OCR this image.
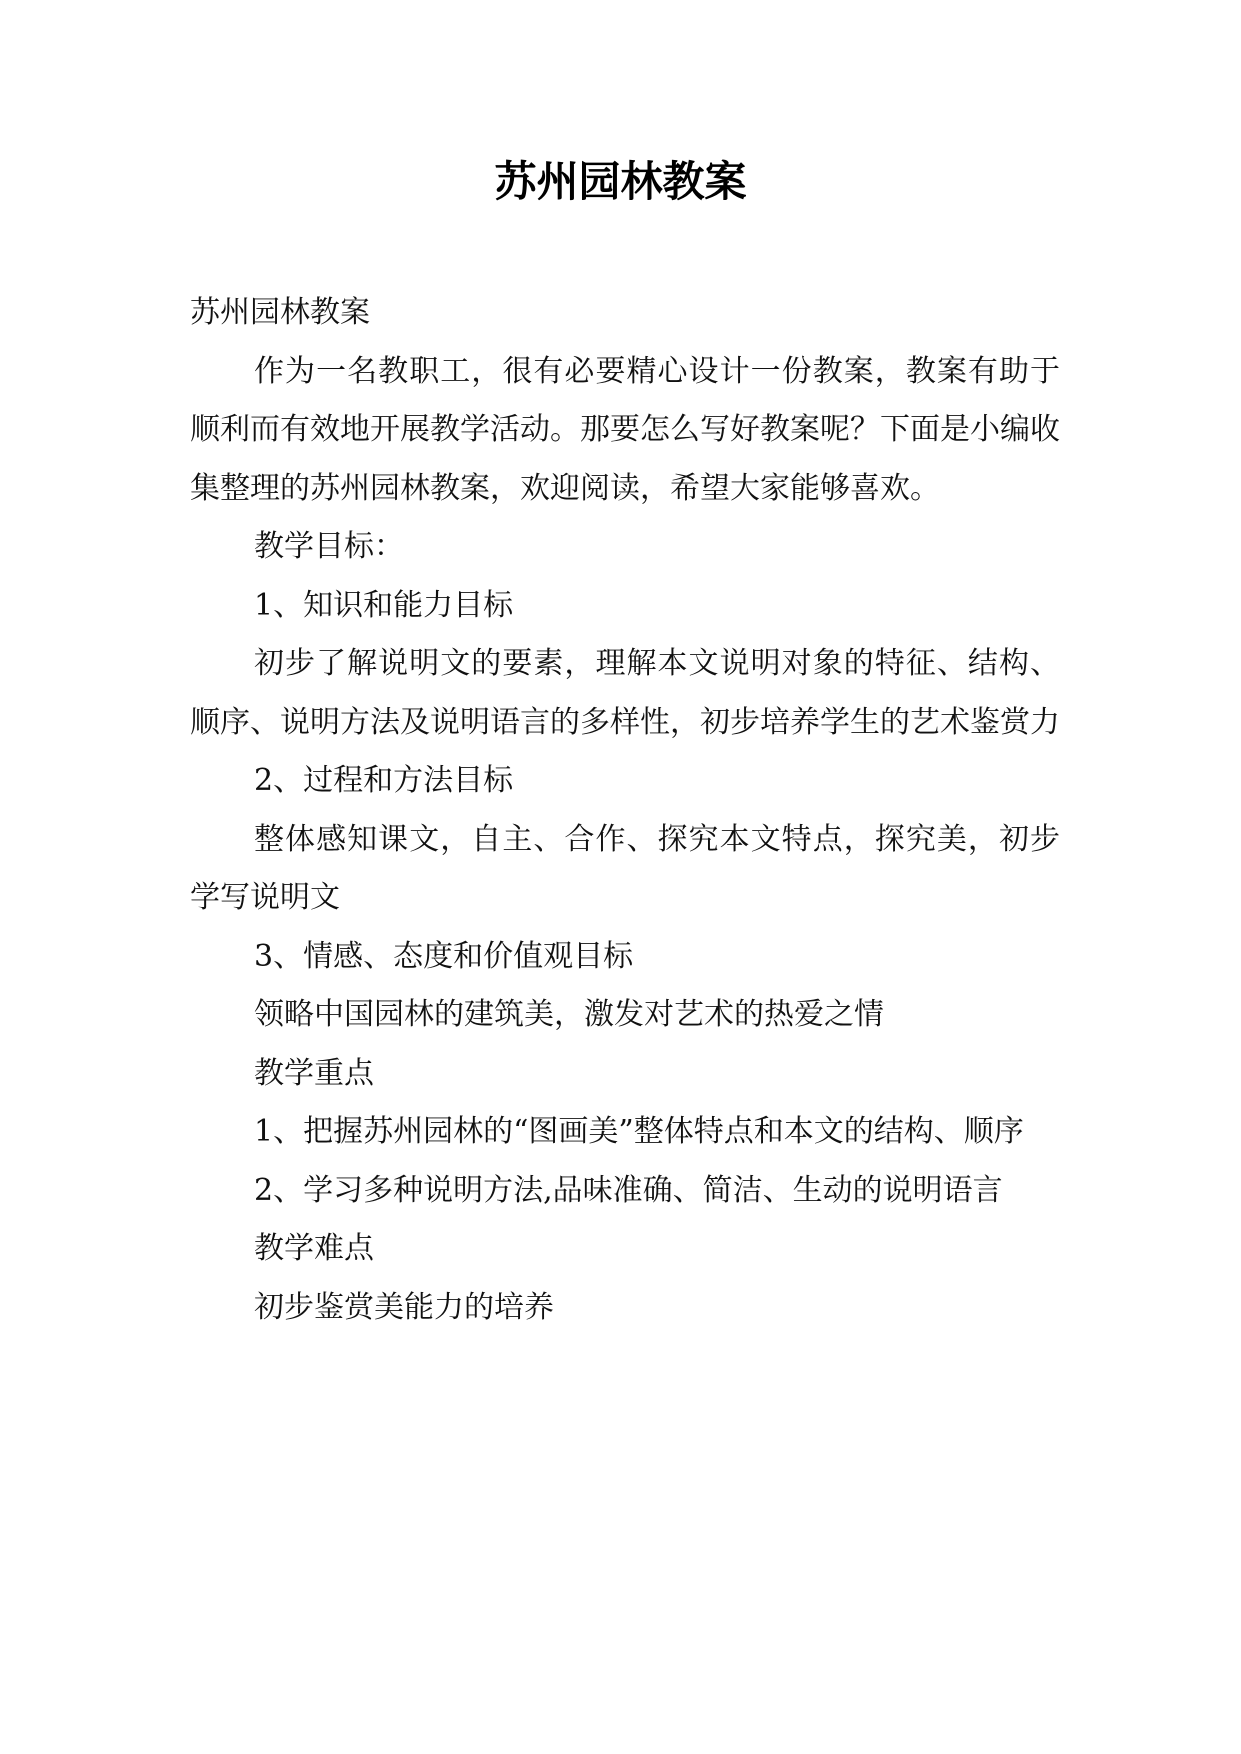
苏州园林教案

苏州园林教案

作为一名教职工，很有必要精心设计一份教案，教案有助于顺利而有效地开展教学活动。那要怎么写好教案呢？下面是小编收集整理的苏州园林教案，欢迎阅读，希望大家能够喜欢。

教学目标：

1、知识和能力目标

初步了解说明文的要素，理解本文说明对象的特征、结构、顺序、说明方法及说明语言的多样性，初步培养学生的艺术鉴赏力

2、过程和方法目标

整体感知课文，自主、合作、探究本文特点，探究美，初步学写说明文

3、情感、态度和价值观目标

领略中国园林的建筑美，激发对艺术的热爱之情

教学重点

1、把握苏州园林的“图画美”整体特点和本文的结构、顺序

2、学习多种说明方法,品味准确、简洁、生动的说明语言

教学难点

初步鉴赏美能力的培养
